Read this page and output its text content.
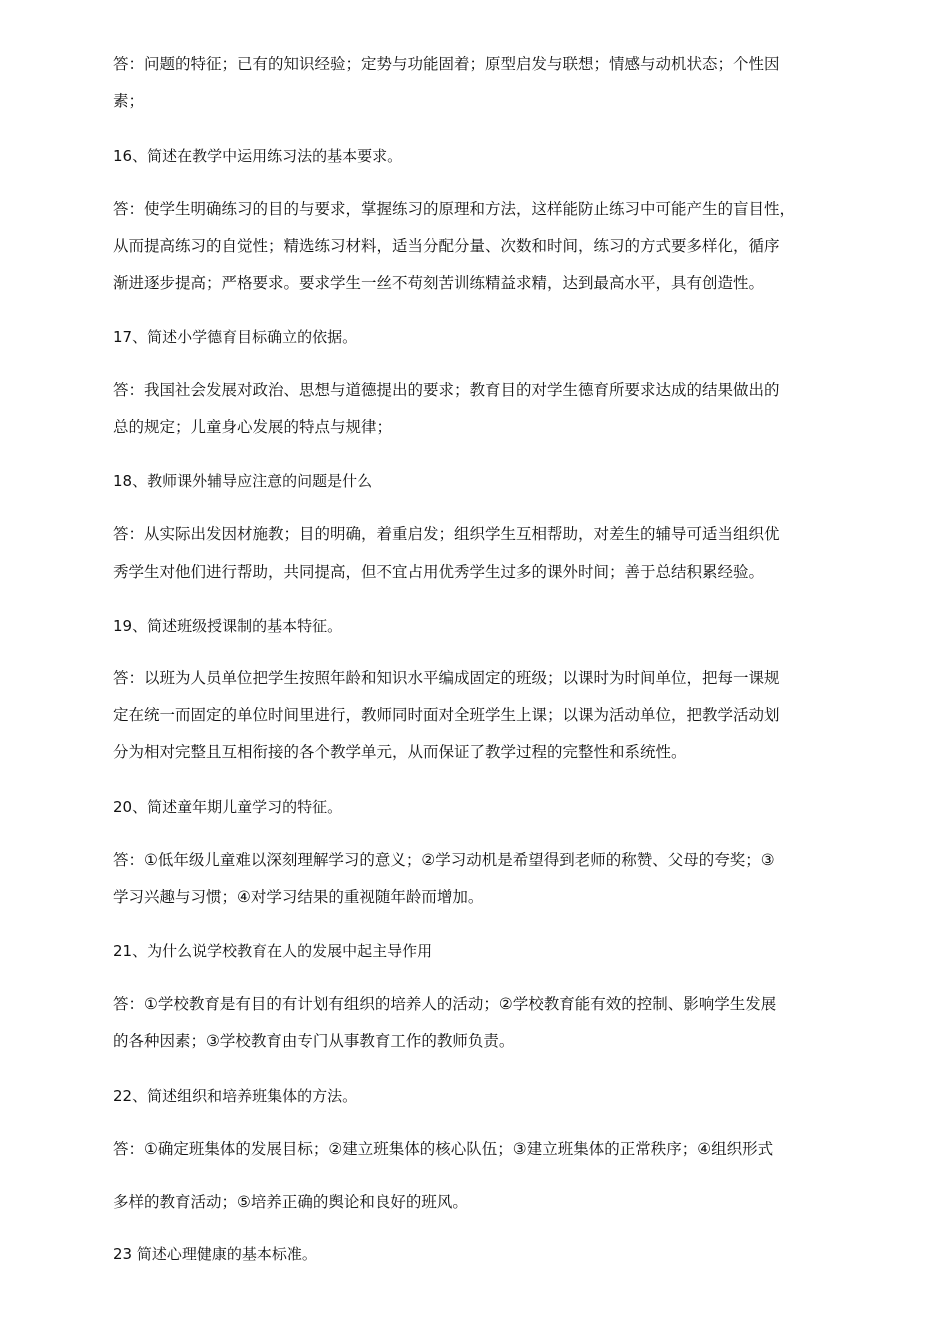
答：问题的特征；已有的知识经验；定势与功能固着；原型启发与联想；情感与动机状态；个性因
素；
16、简述在教学中运用练习法的基本要求。
答：使学生明确练习的目的与要求，掌握练习的原理和方法，这样能防止练习中可能产生的盲目性，
从而提高练习的自觉性；精选练习材料，适当分配分量、次数和时间，练习的方式要多样化，循序
渐进逐步提高；严格要求。要求学生一丝不苟刻苦训练精益求精，达到最高水平，具有创造性。
17、简述小学德育目标确立的依据。
答：我国社会发展对政治、思想与道德提出的要求；教育目的对学生德育所要求达成的结果做出的
总的规定；儿童身心发展的特点与规律；
18、教师课外辅导应注意的问题是什么
答：从实际出发因材施教；目的明确，着重启发；组织学生互相帮助，对差生的辅导可适当组织优
秀学生对他们进行帮助，共同提高，但不宜占用优秀学生过多的课外时间；善于总结积累经验。
19、简述班级授课制的基本特征。
答：以班为人员单位把学生按照年龄和知识水平编成固定的班级；以课时为时间单位，把每一课规
定在统一而固定的单位时间里进行，教师同时面对全班学生上课；以课为活动单位，把教学活动划
分为相对完整且互相衔接的各个教学单元，从而保证了教学过程的完整性和系统性。
20、简述童年期儿童学习的特征。
答：①低年级儿童难以深刻理解学习的意义；②学习动机是希望得到老师的称赞、父母的夸奖；③
学习兴趣与习惯；④对学习结果的重视随年龄而增加。
21、为什么说学校教育在人的发展中起主导作用
答：①学校教育是有目的有计划有组织的培养人的活动；②学校教育能有效的控制、影响学生发展
的各种因素；③学校教育由专门从事教育工作的教师负责。
22、简述组织和培养班集体的方法。
答：①确定班集体的发展目标；②建立班集体的核心队伍；③建立班集体的正常秩序；④组织形式
多样的教育活动；⑤培养正确的舆论和良好的班风。
23 简述心理健康的基本标准。
